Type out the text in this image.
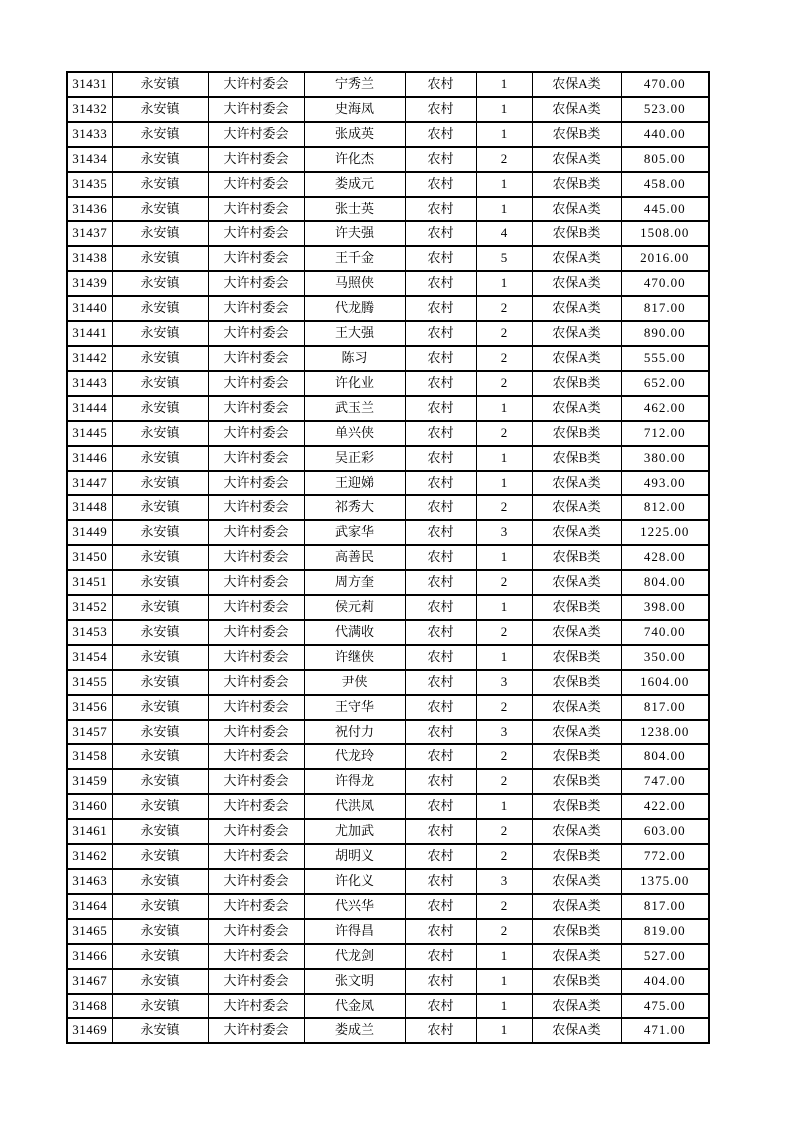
31431	永安镇	大许村委会	宁秀兰	农村	1	农保A类	470.00
31432	永安镇	大许村委会	史海凤	农村	1	农保A类	523.00
31433	永安镇	大许村委会	张成英	农村	1	农保B类	440.00
31434	永安镇	大许村委会	许化杰	农村	2	农保A类	805.00
31435	永安镇	大许村委会	娄成元	农村	1	农保B类	458.00
31436	永安镇	大许村委会	张士英	农村	1	农保A类	445.00
31437	永安镇	大许村委会	许夫强	农村	4	农保B类	1508.00
31438	永安镇	大许村委会	王千金	农村	5	农保A类	2016.00
31439	永安镇	大许村委会	马照侠	农村	1	农保A类	470.00
31440	永安镇	大许村委会	代龙腾	农村	2	农保A类	817.00
31441	永安镇	大许村委会	王大强	农村	2	农保A类	890.00
31442	永安镇	大许村委会	陈习	农村	2	农保A类	555.00
31443	永安镇	大许村委会	许化业	农村	2	农保B类	652.00
31444	永安镇	大许村委会	武玉兰	农村	1	农保A类	462.00
31445	永安镇	大许村委会	单兴侠	农村	2	农保B类	712.00
31446	永安镇	大许村委会	吴正彩	农村	1	农保B类	380.00
31447	永安镇	大许村委会	王迎娣	农村	1	农保A类	493.00
31448	永安镇	大许村委会	祁秀大	农村	2	农保A类	812.00
31449	永安镇	大许村委会	武家华	农村	3	农保A类	1225.00
31450	永安镇	大许村委会	高善民	农村	1	农保B类	428.00
31451	永安镇	大许村委会	周方奎	农村	2	农保A类	804.00
31452	永安镇	大许村委会	侯元莉	农村	1	农保B类	398.00
31453	永安镇	大许村委会	代满收	农村	2	农保A类	740.00
31454	永安镇	大许村委会	许继侠	农村	1	农保B类	350.00
31455	永安镇	大许村委会	尹侠	农村	3	农保B类	1604.00
31456	永安镇	大许村委会	王守华	农村	2	农保A类	817.00
31457	永安镇	大许村委会	祝付力	农村	3	农保A类	1238.00
31458	永安镇	大许村委会	代龙玲	农村	2	农保B类	804.00
31459	永安镇	大许村委会	许得龙	农村	2	农保B类	747.00
31460	永安镇	大许村委会	代洪凤	农村	1	农保B类	422.00
31461	永安镇	大许村委会	尤加武	农村	2	农保A类	603.00
31462	永安镇	大许村委会	胡明义	农村	2	农保B类	772.00
31463	永安镇	大许村委会	许化义	农村	3	农保A类	1375.00
31464	永安镇	大许村委会	代兴华	农村	2	农保A类	817.00
31465	永安镇	大许村委会	许得昌	农村	2	农保B类	819.00
31466	永安镇	大许村委会	代龙剑	农村	1	农保A类	527.00
31467	永安镇	大许村委会	张文明	农村	1	农保B类	404.00
31468	永安镇	大许村委会	代金凤	农村	1	农保A类	475.00
31469	永安镇	大许村委会	娄成兰	农村	1	农保A类	471.00
